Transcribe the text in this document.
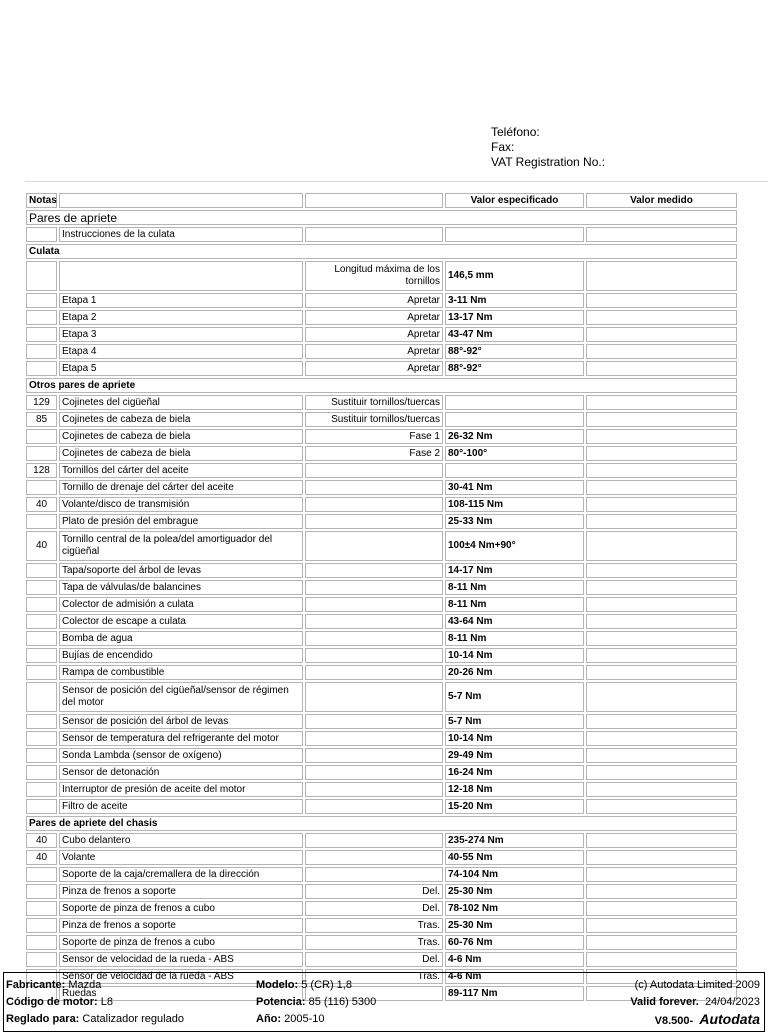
Teléfono:
Fax:
VAT Registration No.:
Notas			Valor especificado	Valor medido
Pares de apriete				
	Instrucciones de la culata			
Culata				
		Longitud máxima de los tornillos	146,5 mm	
	Etapa 1	Apretar	3-11 Nm	
	Etapa 2	Apretar	13-17 Nm	
	Etapa 3	Apretar	43-47 Nm	
	Etapa 4	Apretar	88°-92°	
	Etapa 5	Apretar	88°-92°	
Otros pares de apriete				
129	Cojinetes del cigüeñal	Sustituir tornillos/tuercas		
85	Cojinetes de cabeza de biela	Sustituir tornillos/tuercas		
	Cojinetes de cabeza de biela	Fase 1	26-32 Nm	
	Cojinetes de cabeza de biela	Fase 2	80°-100°	
128	Tornillos del cárter del aceite			
	Tornillo de drenaje del cárter del aceite		30-41 Nm	
40	Volante/disco de transmisión		108-115 Nm	
	Plato de presión del embrague		25-33 Nm	
40	Tornillo central de la polea/del amortiguador del cigüeñal		100±4 Nm+90°	
	Tapa/soporte del árbol de levas		14-17 Nm	
	Tapa de válvulas/de balancines		8-11 Nm	
	Colector de admisión a culata		8-11 Nm	
	Colector de escape a culata		43-64 Nm	
	Bomba de agua		8-11 Nm	
	Bujías de encendido		10-14 Nm	
	Rampa de combustible		20-26 Nm	
	Sensor de posición del cigüeñal/sensor de régimen del motor		5-7 Nm	
	Sensor de posición del árbol de levas		5-7 Nm	
	Sensor de temperatura del refrigerante del motor		10-14 Nm	
	Sonda Lambda (sensor de oxígeno)		29-49 Nm	
	Sensor de detonación		16-24 Nm	
	Interruptor de presión de aceite del motor		12-18 Nm	
	Filtro de aceite		15-20 Nm	
Pares de apriete del chasis				
40	Cubo delantero		235-274 Nm	
40	Volante		40-55 Nm	
	Soporte de la caja/cremallera de la dirección		74-104 Nm	
	Pinza de frenos a soporte	Del.	25-30 Nm	
	Soporte de pinza de frenos a cubo	Del.	78-102 Nm	
	Pinza de frenos a soporte	Tras.	25-30 Nm	
	Soporte de pinza de frenos a cubo	Tras.	60-76 Nm	
	Sensor de velocidad de la rueda - ABS	Del.	4-6 Nm	
	Sensor de velocidad de la rueda - ABS	Tras.	4-6 Nm	
	Ruedas		89-117 Nm	
Fabricante: Mazda	Modelo: 5 (CR) 1,8	(c) Autodata Limited 2009
Código de motor: L8	Potencia: 85 (116) 5300	Valid forever. 24/04/2023
Reglado para: Catalizador regulado	Año: 2005-10	V8.500- Autodata
